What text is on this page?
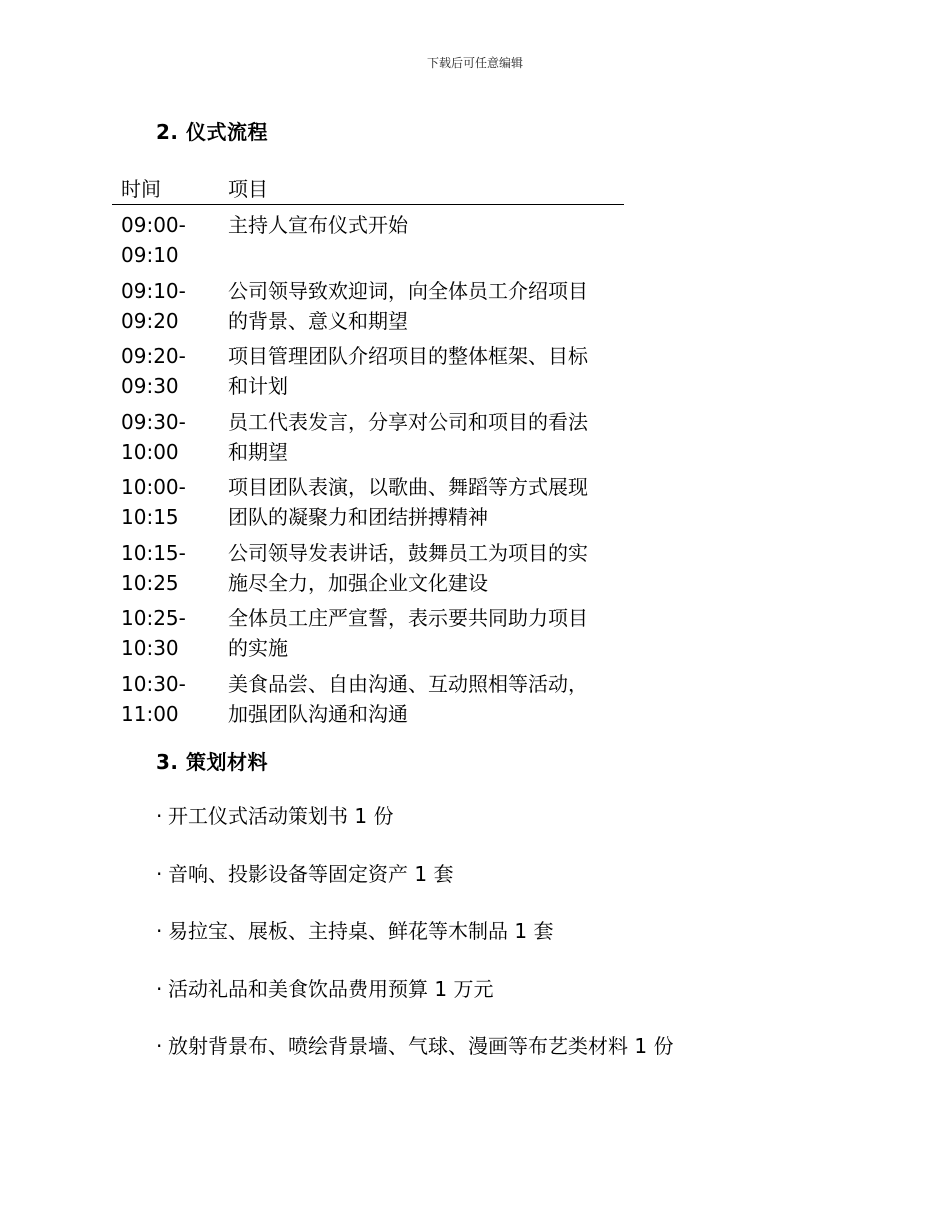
下载后可任意编辑
2. 仪式流程
时间	项目
09:00-
09:10
主持人宣布仪式开始
09:10-
09:20
公司领导致欢迎词，向全体员工介绍项目的背景、意义和期望
09:20-
09:30
项目管理团队介绍项目的整体框架、目标和计划
09:30-
10:00
员工代表发言，分享对公司和项目的看法和期望
10:00-
10:15
项目团队表演，以歌曲、舞蹈等方式展现团队的凝聚力和团结拼搏精神
10:15-
10:25
公司领导发表讲话，鼓舞员工为项目的实施尽全力，加强企业文化建设
10:25-
10:30
全体员工庄严宣誓，表示要共同助力项目的实施
10:30-
11:00
美食品尝、自由沟通、互动照相等活动，加强团队沟通和沟通
3. 策划材料
· 开工仪式活动策划书 1 份
· 音响、投影设备等固定资产 1 套
· 易拉宝、展板、主持桌、鲜花等木制品 1 套
· 活动礼品和美食饮品费用预算 1 万元
· 放射背景布、喷绘背景墙、气球、漫画等布艺类材料 1 份
